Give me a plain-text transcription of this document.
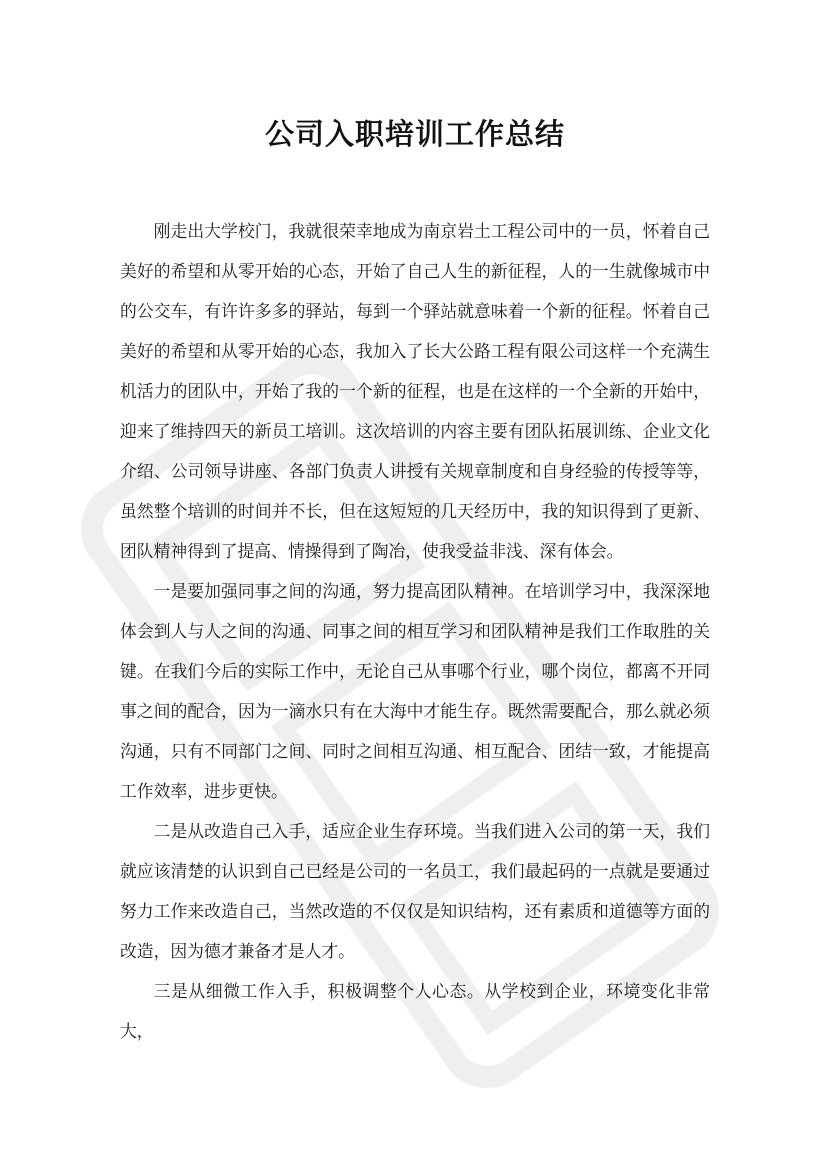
公司入职培训工作总结

刚走出大学校门，我就很荣幸地成为南京岩土工程公司中的一员，怀着自己美好的希望和从零开始的心态，开始了自己人生的新征程，人的一生就像城市中的公交车，有许许多多的驿站，每到一个驿站就意味着一个新的征程。怀着自己美好的希望和从零开始的心态，我加入了长大公路工程有限公司这样一个充满生机活力的团队中，开始了我的一个新的征程，也是在这样的一个全新的开始中，迎来了维持四天的新员工培训。这次培训的内容主要有团队拓展训练、企业文化介绍、公司领导讲座、各部门负责人讲授有关规章制度和自身经验的传授等等，虽然整个培训的时间并不长，但在这短短的几天经历中，我的知识得到了更新、团队精神得到了提高、情操得到了陶冶，使我受益非浅、深有体会。

一是要加强同事之间的沟通，努力提高团队精神。在培训学习中，我深深地体会到人与人之间的沟通、同事之间的相互学习和团队精神是我们工作取胜的关键。在我们今后的实际工作中，无论自己从事哪个行业，哪个岗位，都离不开同事之间的配合，因为一滴水只有在大海中才能生存。既然需要配合，那么就必须沟通，只有不同部门之间、同时之间相互沟通、相互配合、团结一致，才能提高工作效率，进步更快。

二是从改造自己入手，适应企业生存环境。当我们进入公司的第一天，我们就应该清楚的认识到自己已经是公司的一名员工，我们最起码的一点就是要通过努力工作来改造自己，当然改造的不仅仅是知识结构，还有素质和道德等方面的改造，因为德才兼备才是人才。

三是从细微工作入手，积极调整个人心态。从学校到企业，环境变化非常大，
